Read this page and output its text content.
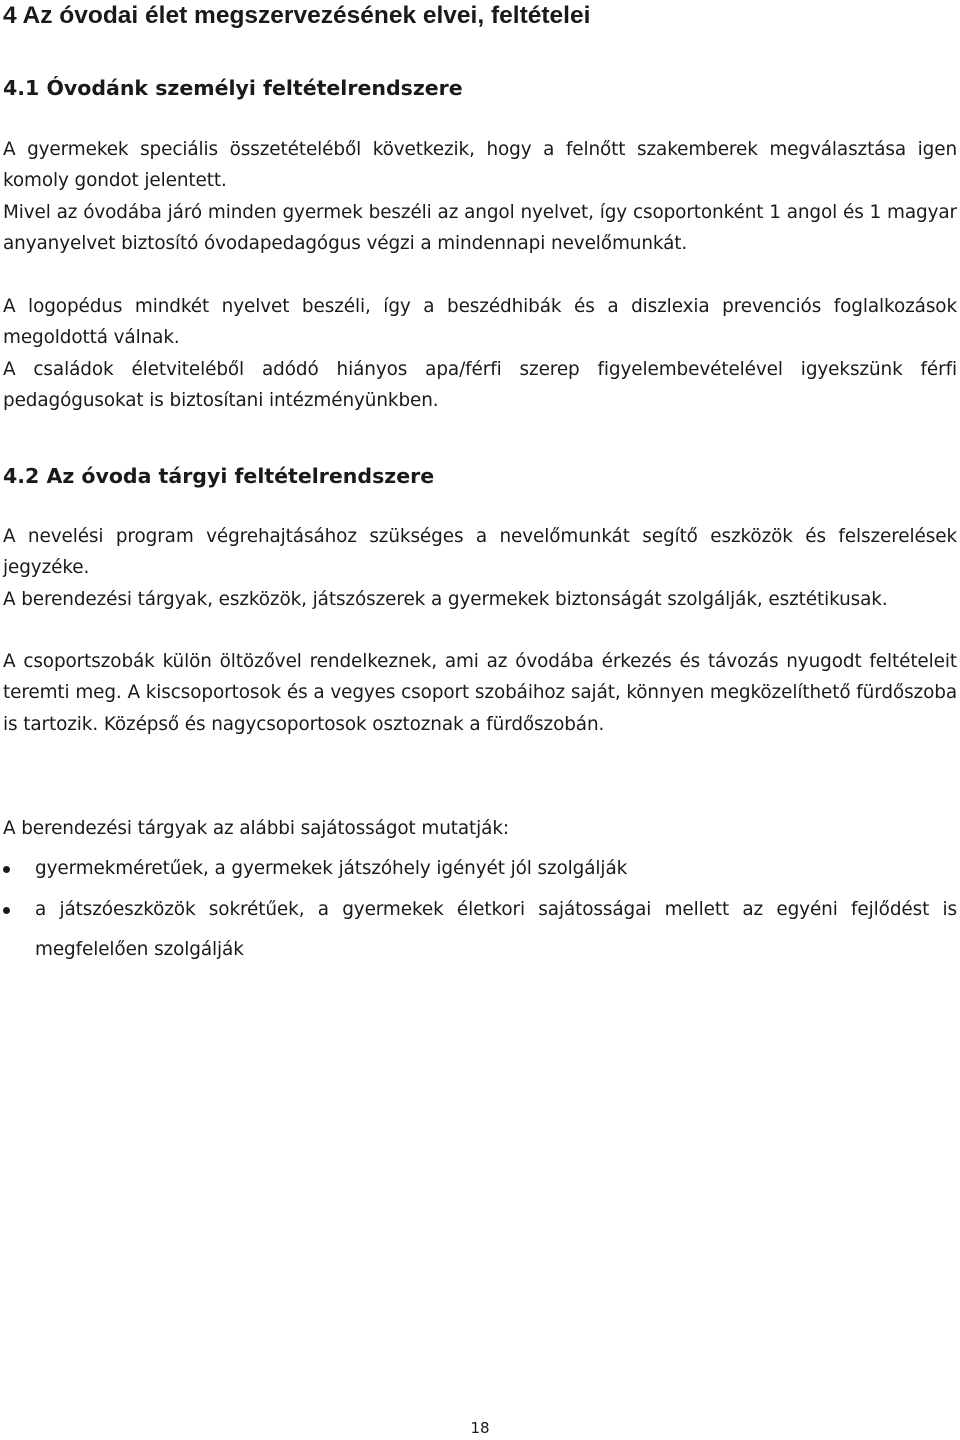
4 Az óvodai élet megszervezésének elvei, feltételei
4.1 Óvodánk személyi feltételrendszere

A gyermekek speciális összetételéből következik, hogy a felnőtt szakemberek megválasztása igen komoly gondot jelentett.

Mivel az óvodába járó minden gyermek beszéli az angol nyelvet, így csoportonként 1 angol és 1 magyar anyanyelvet biztosító óvodapedagógus végzi a mindennapi nevelőmunkát.

A logopédus mindkét nyelvet beszéli, így a beszédhibák és a diszlexia prevenciós foglalkozások megoldottá válnak.

A családok életviteléből adódó hiányos apa/férfi szerep figyelembevételével igyekszünk férfi pedagógusokat is biztosítani intézményünkben.

4.2 Az óvoda tárgyi feltételrendszere

A nevelési program végrehajtásához szükséges a nevelőmunkát segítő eszközök és felszerelések jegyzéke.

A berendezési tárgyak, eszközök, játszószerek a gyermekek biztonságát szolgálják, esztétikusak.

A csoportszobák külön öltözővel rendelkeznek, ami az óvodába érkezés és távozás nyugodt feltételeit teremti meg. A kiscsoportosok és a vegyes csoport szobáihoz saját, könnyen megközelíthető fürdőszoba is tartozik. Középső és nagycsoportosok osztoznak a fürdőszobán.

A berendezési tárgyak az alábbi sajátosságot mutatják:

gyermekméretűek, a gyermekek játszóhely igényét jól szolgálják
a játszóeszközök sokrétűek, a gyermekek életkori sajátosságai mellett az egyéni fejlődést is megfelelően szolgálják
18
